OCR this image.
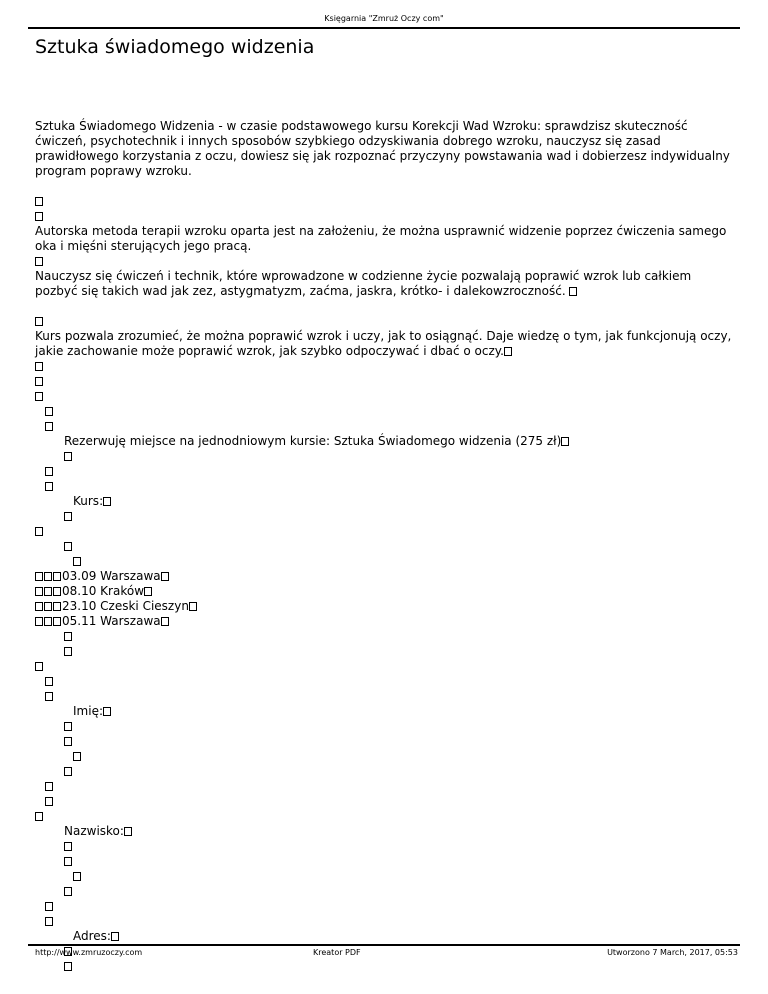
Księgarnia "Zmruż Oczy com"
Sztuka świadomego widzenia
Sztuka Świadomego Widzenia - w czasie podstawowego kursu Korekcji Wad Wzroku: sprawdzisz skuteczność ćwiczeń, psychotechnik i innych sposobów szybkiego odzyskiwania dobrego wzroku, nauczysz się zasad prawidłowego korzystania z oczu, dowiesz się jak rozpoznać przyczyny powstawania wad i dobierzesz indywidualny program poprawy wzroku.
Autorska metoda terapii wzroku oparta jest na założeniu, że można usprawnić widzenie poprzez ćwiczenia samego oka i mięśni sterujących jego pracą.
Nauczysz się ćwiczeń i technik, które wprowadzone w codzienne życie pozwalają poprawić wzrok lub całkiem pozbyć się takich wad jak zez, astygmatyzm, zaćma, jaskra, krótko- i dalekowzroczność.
Kurs pozwala zrozumieć, że można poprawić wzrok i uczy, jak to osiągnąć. Daje wiedzę o tym, jak funkcjonują oczy, jakie zachowanie może poprawić wzrok, jak szybko odpoczywać i dbać o oczy.
Rezerwuję miejsce na jednodniowym kursie: Sztuka Świadomego widzenia (275 zł)
Kurs:
03.09 Warszawa
08.10 Kraków
23.10 Czeski Cieszyn
05.11 Warszawa
Imię:
Nazwisko:
Adres:
http://www.zmruzoczy.com	Kreator PDF	Utworzono 7 March, 2017, 05:53
